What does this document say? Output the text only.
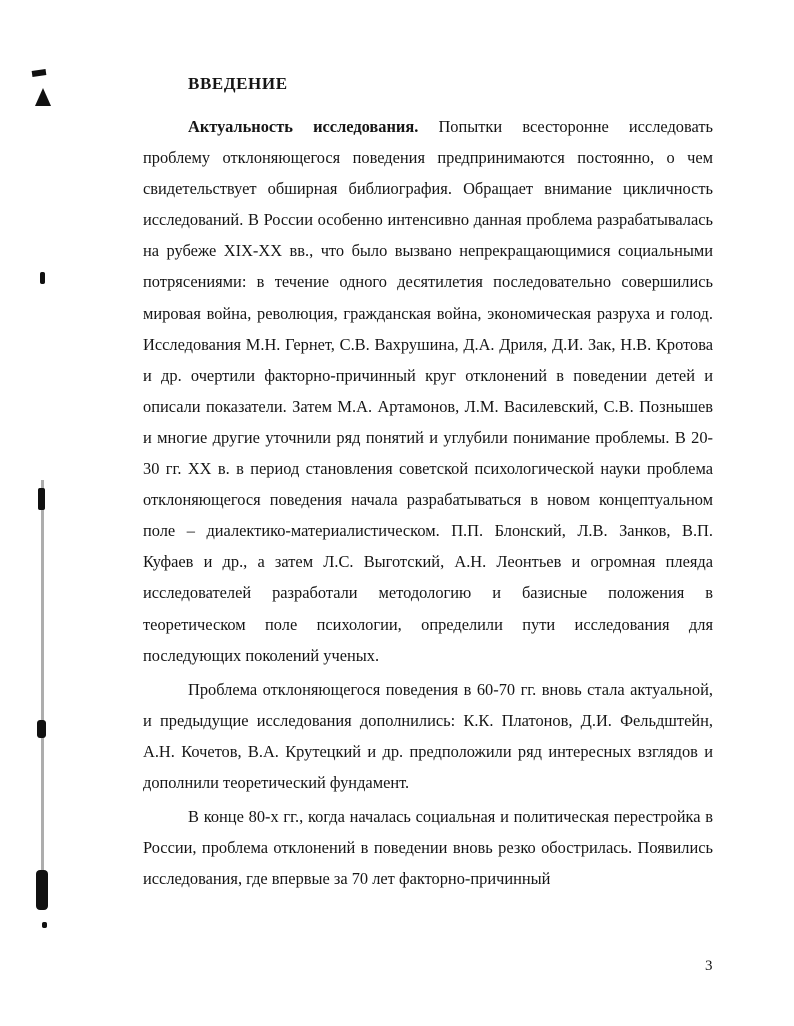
ВВЕДЕНИЕ

Актуальность исследования. Попытки всесторонне исследовать проблему отклоняющегося поведения предпринимаются постоянно, о чем свидетельствует обширная библиография. Обращает внимание цикличность исследований. В России особенно интенсивно данная проблема разрабатывалась на рубеже XIX-XX вв., что было вызвано непрекращающимися социальными потрясениями: в течение одного десятилетия последовательно совершились мировая война, революция, гражданская война, экономическая разруха и голод. Исследования М.Н. Гернет, С.В. Вахрушина, Д.А. Дриля, Д.И. Зак, Н.В. Кротова и др. очертили факторно-причинный круг отклонений в поведении детей и описали показатели. Затем М.А. Артамонов, Л.М. Василевский, С.В. Познышев и многие другие уточнили ряд понятий и углубили понимание проблемы. В 20-30 гг. XX в. в период становления советской психологической науки проблема отклоняющегося поведения начала разрабатываться в новом концептуальном поле – диалектико-материалистическом. П.П. Блонский, Л.В. Занков, В.П. Куфаев и др., а затем Л.С. Выготский, А.Н. Леонтьев и огромная плеяда исследователей разработали методологию и базисные положения в теоретическом поле психологии, определили пути исследования для последующих поколений ученых.

Проблема отклоняющегося поведения в 60-70 гг. вновь стала актуальной, и предыдущие исследования дополнились: К.К. Платонов, Д.И. Фельдштейн, А.Н. Кочетов, В.А. Крутецкий и др. предположили ряд интересных взглядов и дополнили теоретический фундамент.

В конце 80-х гг., когда началась социальная и политическая перестройка в России, проблема отклонений в поведении вновь резко обострилась. Появились исследования, где впервые за 70 лет факторно-причинный

3
